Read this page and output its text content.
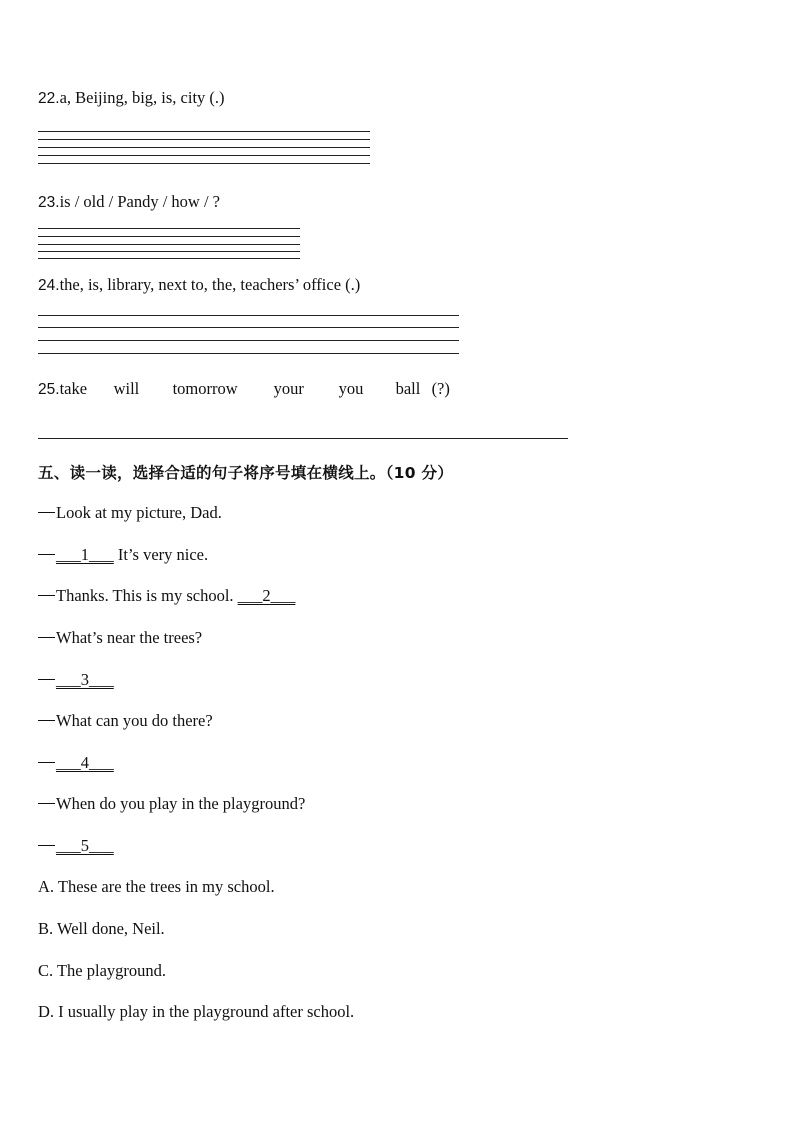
22.a, Beijing, big, is, city (.)
23.is / old / Pandy / how / ?
24.the, is, library, next to, the, teachers’ office (.)
25.take will tomorrow your you ball (?)
五、读一读，选择合适的句子将序号填在横线上。（10 分）
Look at my picture, Dad.
___1___ It’s very nice.
Thanks. This is my school. ___2___
What’s near the trees?
___3___
What can you do there?
___4___
When do you play in the playground?
___5___
A. These are the trees in my school.
B. Well done, Neil.
C. The playground.
D. I usually play in the playground after school.
